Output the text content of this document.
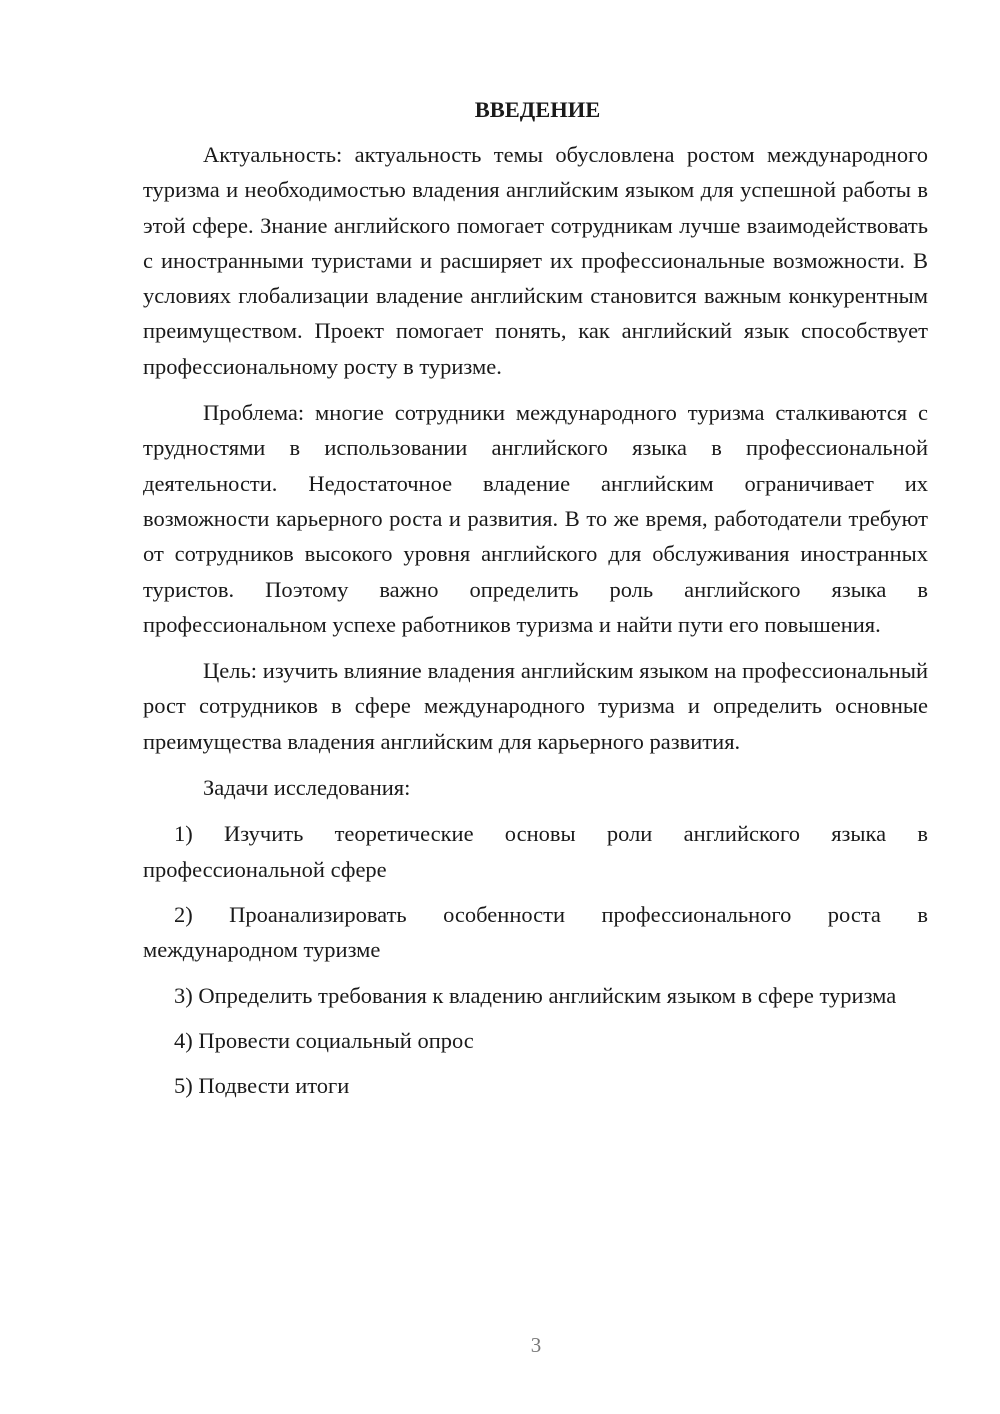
ВВЕДЕНИЕ

Актуальность: актуальность темы обусловлена ростом международного туризма и необходимостью владения английским языком для успешной работы в этой сфере. Знание английского помогает сотрудникам лучше взаимодействовать с иностранными туристами и расширяет их профессиональные возможности. В условиях глобализации владение английским становится важным конкурентным преимуществом. Проект помогает понять, как английский язык способствует профессиональному росту в туризме.

Проблема: многие сотрудники международного туризма сталкиваются с трудностями в использовании английского языка в профессиональной деятельности. Недостаточное владение английским ограничивает их возможности карьерного роста и развития. В то же время, работодатели требуют от сотрудников высокого уровня английского для обслуживания иностранных туристов. Поэтому важно определить роль английского языка в профессиональном успехе работников туризма и найти пути его повышения.

Цель: изучить влияние владения английским языком на профессиональный рост сотрудников в сфере международного туризма и определить основные преимущества владения английским для карьерного развития.

Задачи исследования:

1) Изучить теоретические основы роли английского языка в профессиональной сфере

2) Проанализировать особенности профессионального роста в международном туризме

3) Определить требования к владению английским языком в сфере туризма

4) Провести социальный опрос

5) Подвести итоги

3
